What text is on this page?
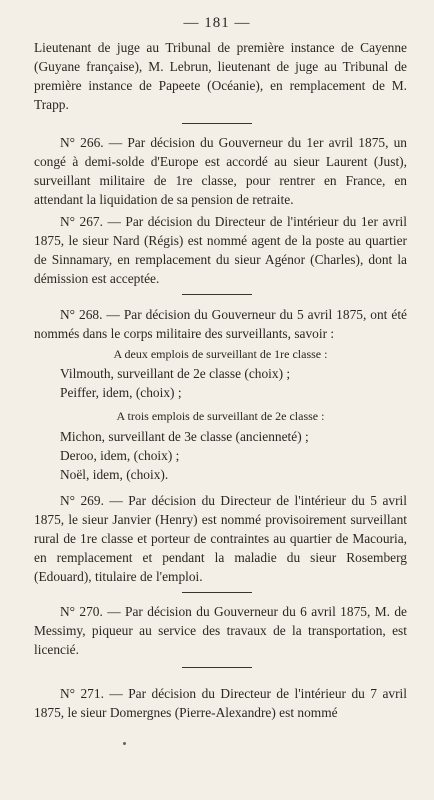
— 181 —

Lieutenant de juge au Tribunal de première instance de Cayenne (Guyane française), M. Lebrun, lieutenant de juge au Tribunal de première instance de Papeete (Océanie), en remplacement de M. Trapp.

N° 266. — Par décision du Gouverneur du 1er avril 1875, un congé à demi-solde d'Europe est accordé au sieur Laurent (Just), surveillant militaire de 1re classe, pour rentrer en France, en attendant la liquidation de sa pension de retraite.

N° 267. — Par décision du Directeur de l'intérieur du 1er avril 1875, le sieur Nard (Régis) est nommé agent de la poste au quartier de Sinnamary, en remplacement du sieur Agénor (Charles), dont la démission est acceptée.

N° 268. — Par décision du Gouverneur du 5 avril 1875, ont été nommés dans le corps militaire des surveillants, savoir :

A deux emplois de surveillant de 1re classe :

Vilmouth, surveillant de 2e classe (choix) ;

Peiffer, idem, (choix) ;

A trois emplois de surveillant de 2e classe :

Michon, surveillant de 3e classe (ancienneté) ;

Deroo, idem, (choix) ;

Noël, idem, (choix).

N° 269. — Par décision du Directeur de l'intérieur du 5 avril 1875, le sieur Janvier (Henry) est nommé provisoirement surveillant rural de 1re classe et porteur de contraintes au quartier de Macouria, en remplacement et pendant la maladie du sieur Rosemberg (Edouard), titulaire de l'emploi.

N° 270. — Par décision du Gouverneur du 6 avril 1875, M. de Messimy, piqueur au service des travaux de la transportation, est licencié.

N° 271. — Par décision du Directeur de l'intérieur du 7 avril 1875, le sieur Domergnes (Pierre-Alexandre) est nommé
